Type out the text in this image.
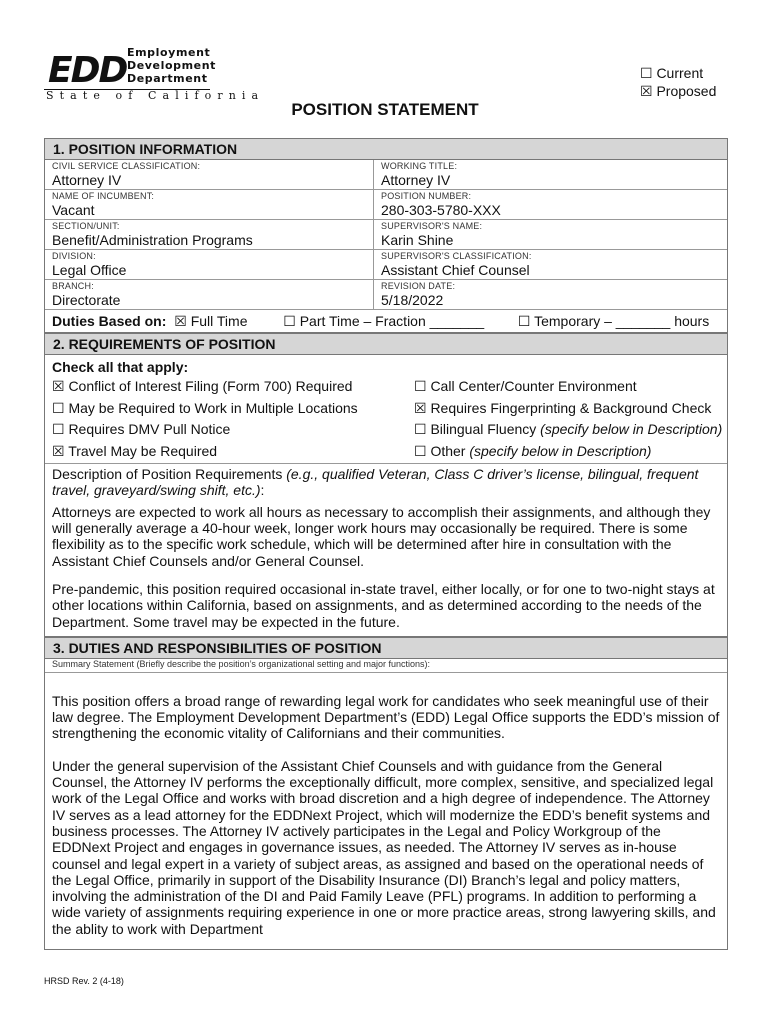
EDD Employment
Development
Department
State of California
☐ Current
☒ Proposed
POSITION STATEMENT
1. POSITION INFORMATION
CIVIL SERVICE CLASSIFICATION:
Attorney IV
WORKING TITLE:
Attorney IV
NAME OF INCUMBENT:
Vacant
POSITION NUMBER:
280-303-5780-XXX
SECTION/UNIT:
Benefit/Administration Programs
SUPERVISOR'S NAME:
Karin Shine
DIVISION:
Legal Office
SUPERVISOR'S CLASSIFICATION:
Assistant Chief Counsel
BRANCH:
Directorate
REVISION DATE:
5/18/2022
Duties Based on: ☒ Full Time	☐ Part Time – Fraction _______ ☐ Temporary – _______ hours
2. REQUIREMENTS OF POSITION
Check all that apply:
☒ Conflict of Interest Filing (Form 700) Required	☐ Call Center/Counter Environment
☐ May be Required to Work in Multiple Locations	☒ Requires Fingerprinting & Background Check
☐ Requires DMV Pull Notice	☐ Bilingual Fluency (specify below in Description)
☒ Travel May be Required	☐ Other (specify below in Description)
Description of Position Requirements (e.g., qualified Veteran, Class C driver’s license, bilingual, frequent travel, graveyard/swing shift, etc.):

Attorneys are expected to work all hours as necessary to accomplish their assignments, and although they will generally average a 40-hour week, longer work hours may occasionally be required. There is some flexibility as to the specific work schedule, which will be determined after hire in consultation with the Assistant Chief Counsels and/or General Counsel.

Pre-pandemic, this position required occasional in-state travel, either locally, or for one to two-night stays at other locations within California, based on assignments, and as determined according to the needs of the Department. Some travel may be expected in the future.

3. DUTIES AND RESPONSIBILITIES OF POSITION
Summary Statement (Briefly describe the position’s organizational setting and major functions):

This position offers a broad range of rewarding legal work for candidates who seek meaningful use of their law degree. The Employment Development Department’s (EDD) Legal Office supports the EDD’s mission of strengthening the economic vitality of Californians and their communities.

Under the general supervision of the Assistant Chief Counsels and with guidance from the General Counsel, the Attorney IV performs the exceptionally difficult, more complex, sensitive, and specialized legal work of the Legal Office and works with broad discretion and a high degree of independence. The Attorney IV serves as a lead attorney for the EDDNext Project, which will modernize the EDD’s benefit systems and business processes. The Attorney IV actively participates in the Legal and Policy Workgroup of the EDDNext Project and engages in governance issues, as needed. The Attorney IV serves as in-house counsel and legal expert in a variety of subject areas, as assigned and based on the operational needs of the Legal Office, primarily in support of the Disability Insurance (DI) Branch’s legal and policy matters, involving the administration of the DI and Paid Family Leave (PFL) programs. In addition to performing a wide variety of assignments requiring experience in one or more practice areas, strong lawyering skills, and the ablity to work with Department

HRSD Rev. 2 (4-18)
